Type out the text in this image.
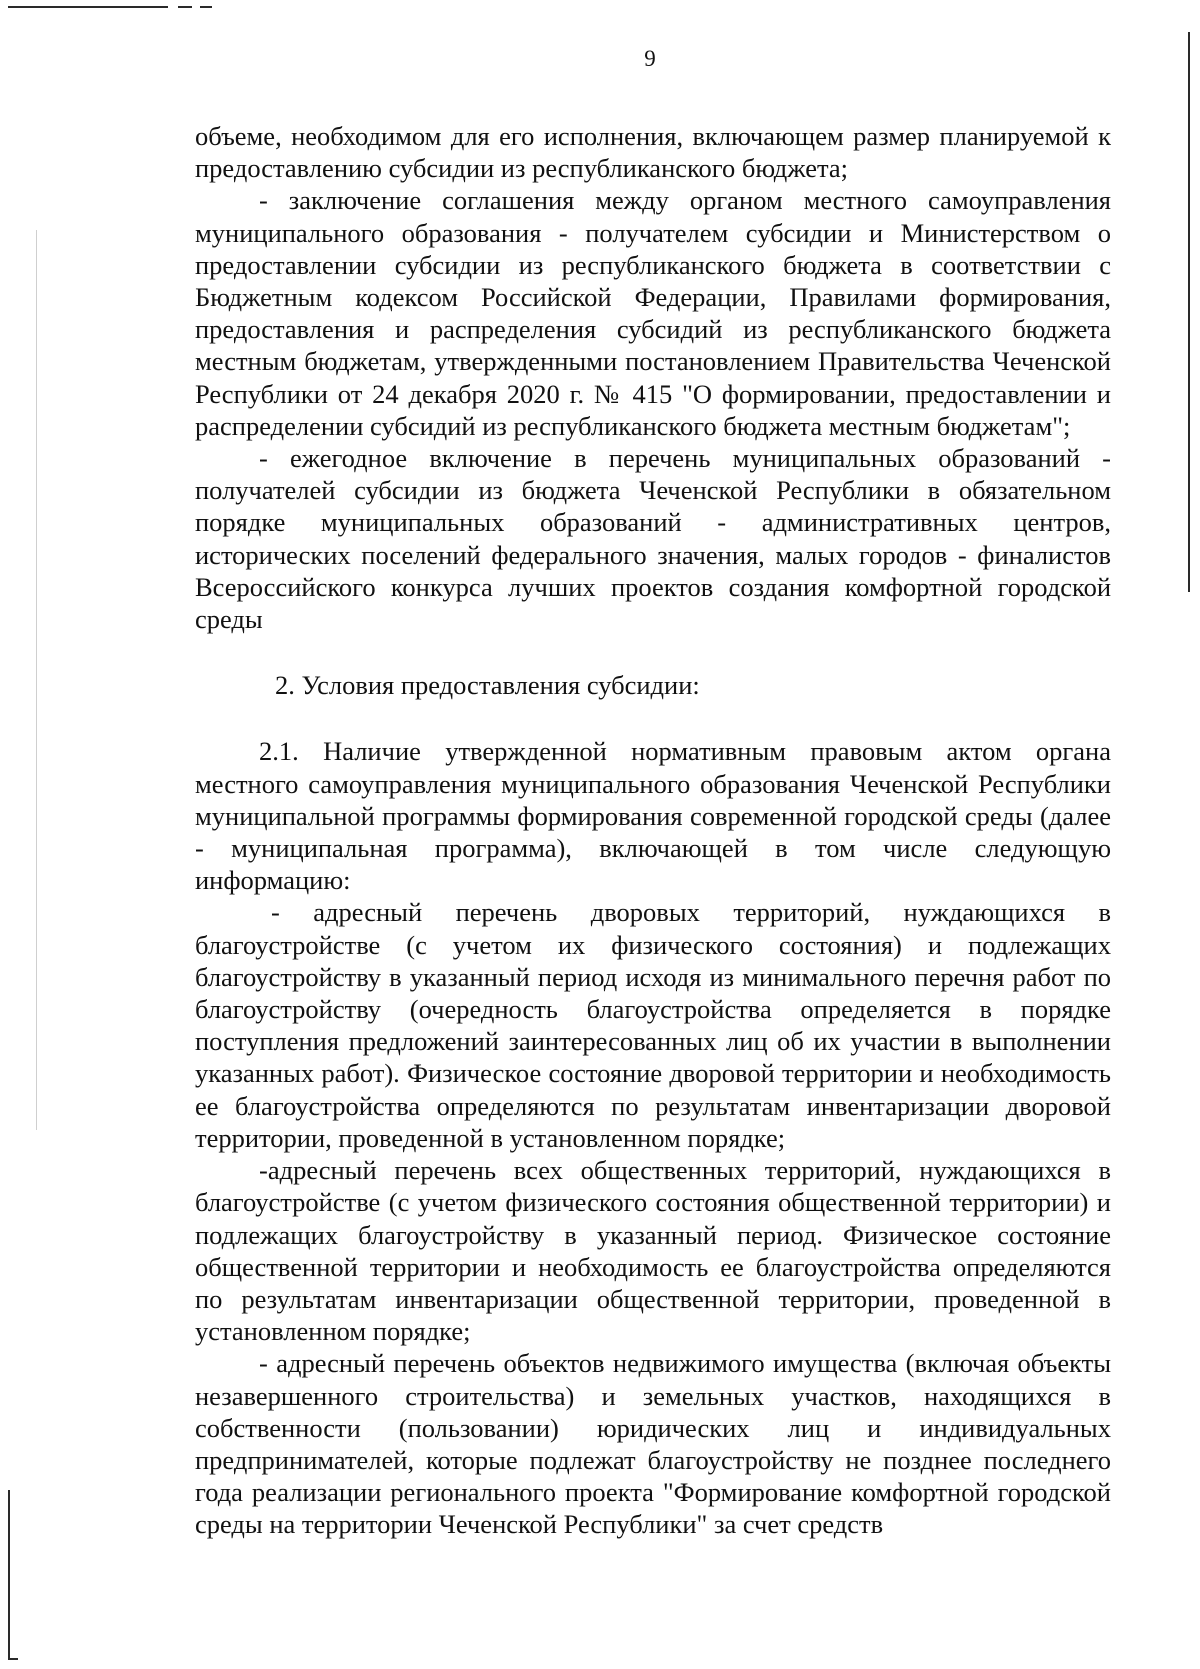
9

объеме, необходимом для его исполнения, включающем размер планируемой к предоставлению субсидии из республиканского бюджета;

- заключение соглашения между органом местного самоуправления муниципального образования - получателем субсидии и Министерством о предоставлении субсидии из республиканского бюджета в соответствии с Бюджетным кодексом Российской Федерации, Правилами формирования, предоставления и распределения субсидий из республиканского бюджета местным бюджетам, утвержденными постановлением Правительства Чеченской Республики от 24 декабря 2020 г. № 415 "О формировании, предоставлении и распределении субсидий из республиканского бюджета местным бюджетам";

- ежегодное включение в перечень муниципальных образований - получателей субсидии из бюджета Чеченской Республики в обязательном порядке муниципальных образований - административных центров, исторических поселений федерального значения, малых городов - финалистов Всероссийского конкурса лучших проектов создания комфортной городской среды

2. Условия предоставления субсидии:

2.1. Наличие утвержденной нормативным правовым актом органа местного самоуправления муниципального образования Чеченской Республики муниципальной программы формирования современной городской среды (далее - муниципальная программа), включающей в том числе следующую информацию:

- адресный перечень дворовых территорий, нуждающихся в благоустройстве (с учетом их физического состояния) и подлежащих благоустройству в указанный период исходя из минимального перечня работ по благоустройству (очередность благоустройства определяется в порядке поступления предложений заинтересованных лиц об их участии в выполнении указанных работ). Физическое состояние дворовой территории и необходимость ее благоустройства определяются по результатам инвентаризации дворовой территории, проведенной в установленном порядке;

-адресный перечень всех общественных территорий, нуждающихся в благоустройстве (с учетом физического состояния общественной территории) и подлежащих благоустройству в указанный период. Физическое состояние общественной территории и необходимость ее благоустройства определяются по результатам инвентаризации общественной территории, проведенной в установленном порядке;

- адресный перечень объектов недвижимого имущества (включая объекты незавершенного строительства) и земельных участков, находящихся в собственности (пользовании) юридических лиц и индивидуальных предпринимателей, которые подлежат благоустройству не позднее последнего года реализации регионального проекта "Формирование комфортной городской среды на территории Чеченской Республики" за счет средств
